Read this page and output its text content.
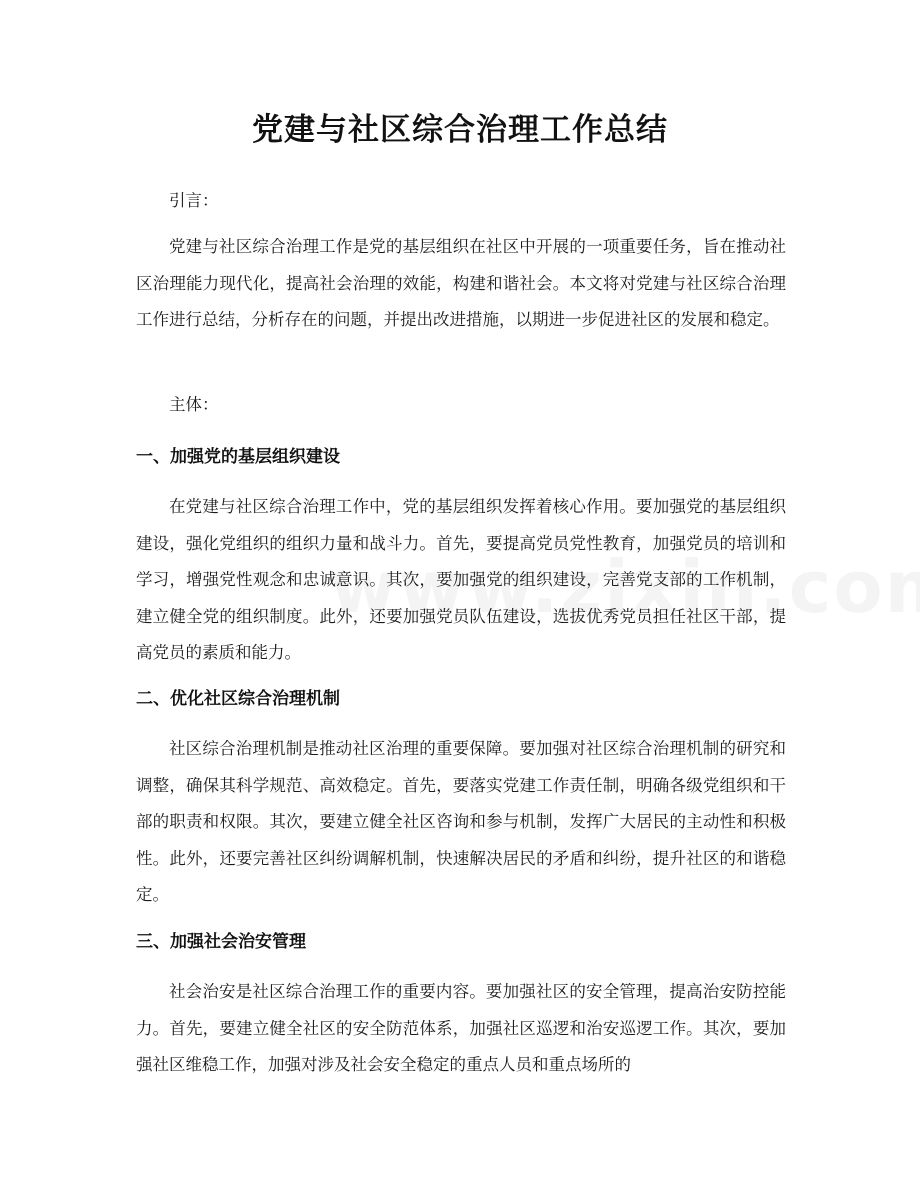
党建与社区综合治理工作总结

引言：

党建与社区综合治理工作是党的基层组织在社区中开展的一项重要任务，旨在推动社区治理能力现代化，提高社会治理的效能，构建和谐社会。本文将对党建与社区综合治理工作进行总结，分析存在的问题，并提出改进措施，以期进一步促进社区的发展和稳定。

主体：

一、加强党的基层组织建设

在党建与社区综合治理工作中，党的基层组织发挥着核心作用。要加强党的基层组织建设，强化党组织的组织力量和战斗力。首先，要提高党员党性教育，加强党员的培训和学习，增强党性观念和忠诚意识。其次，要加强党的组织建设，完善党支部的工作机制，建立健全党的组织制度。此外，还要加强党员队伍建设，选拔优秀党员担任社区干部，提高党员的素质和能力。

二、优化社区综合治理机制

社区综合治理机制是推动社区治理的重要保障。要加强对社区综合治理机制的研究和调整，确保其科学规范、高效稳定。首先，要落实党建工作责任制，明确各级党组织和干部的职责和权限。其次，要建立健全社区咨询和参与机制，发挥广大居民的主动性和积极性。此外，还要完善社区纠纷调解机制，快速解决居民的矛盾和纠纷，提升社区的和谐稳定。

三、加强社会治安管理

社会治安是社区综合治理工作的重要内容。要加强社区的安全管理，提高治安防控能力。首先，要建立健全社区的安全防范体系，加强社区巡逻和治安巡逻工作。其次，要加强社区维稳工作，加强对涉及社会安全稳定的重点人员和重点场所的
